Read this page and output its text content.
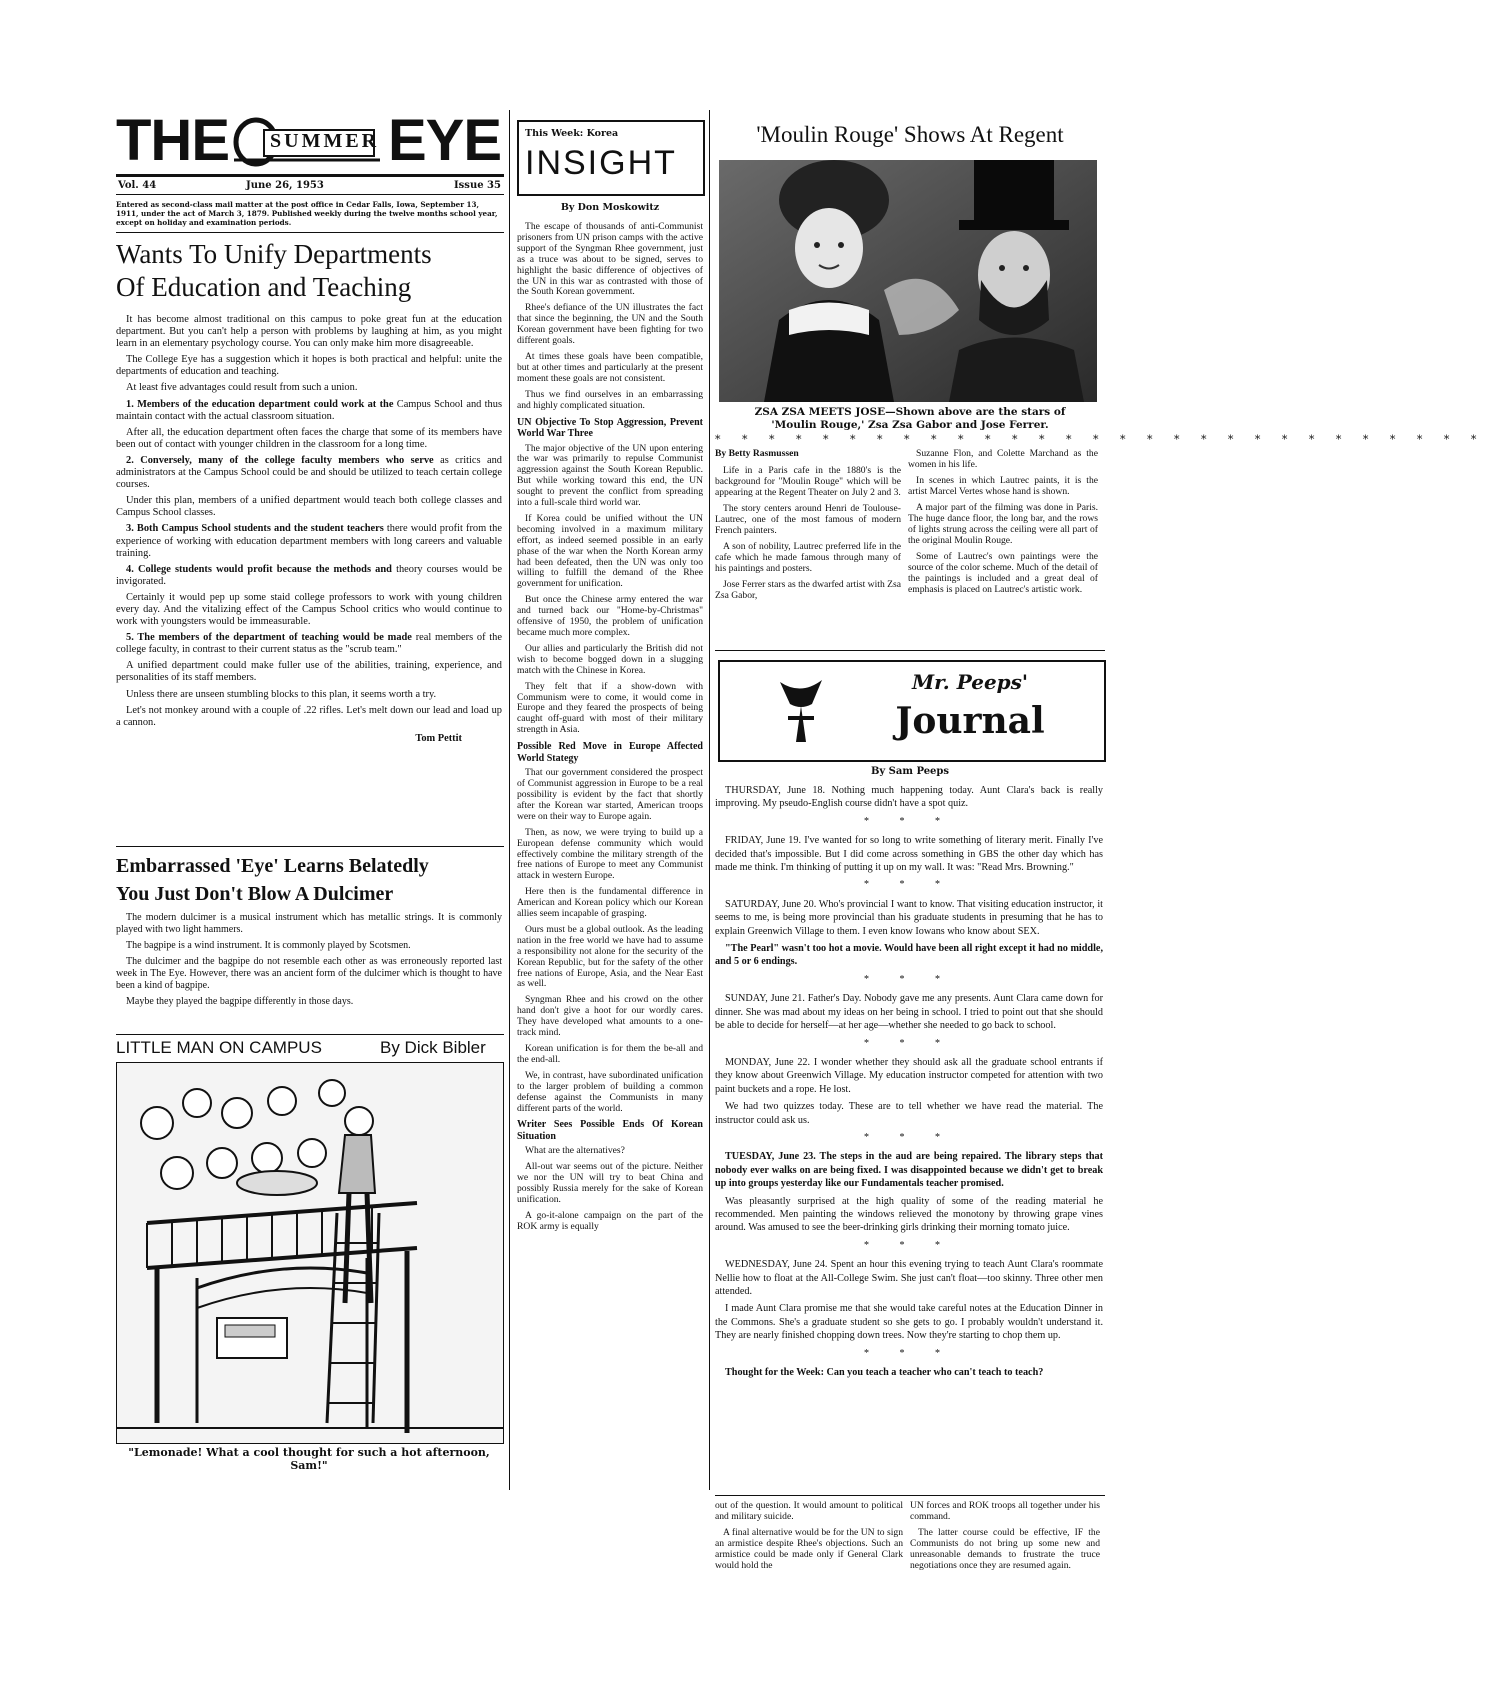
THE SUMMER EYE
Vol. 44	June 26, 1953	Issue 35
Entered as second-class mail matter at the post office in Cedar Falls, Iowa, September 13, 1911, under the act of March 3, 1879. Published weekly during the twelve months school year, except on holiday and examination periods.
Wants To Unify Departments
Of Education and Teaching

It has become almost traditional on this campus to poke great fun at the education department. But you can't help a person with problems by laughing at him, as you might learn in an elementary psychology course. You can only make him more disagreeable.

The College Eye has a suggestion which it hopes is both practical and helpful: unite the departments of education and teaching.

At least five advantages could result from such a union.

1. Members of the education department could work at the Campus School and thus maintain contact with the actual classroom situation.

After all, the education department often faces the charge that some of its members have been out of contact with younger children in the classroom for a long time.

2. Conversely, many of the college faculty members who serve as critics and administrators at the Campus School could be and should be utilized to teach certain college courses.

Under this plan, members of a unified department would teach both college classes and Campus School classes.

3. Both Campus School students and the student teachers there would profit from the experience of working with education department members with long careers and valuable training.

4. College students would profit because the methods and theory courses would be invigorated.

Certainly it would pep up some staid college professors to work with young children every day. And the vitalizing effect of the Campus School critics who would continue to work with youngsters would be immeasurable.

5. The members of the department of teaching would be made real members of the college faculty, in contrast to their current status as the "scrub team."

A unified department could make fuller use of the abilities, training, experience, and personalities of its staff members.

Unless there are unseen stumbling blocks to this plan, it seems worth a try.

Let's not monkey around with a couple of .22 rifles. Let's melt down our lead and load up a cannon.

Tom Pettit
Embarrassed 'Eye' Learns Belatedly
You Just Don't Blow A Dulcimer

The modern dulcimer is a musical instrument which has metallic strings. It is commonly played with two light hammers.

The bagpipe is a wind instrument. It is commonly played by Scotsmen.

The dulcimer and the bagpipe do not resemble each other as was erroneously reported last week in The Eye. However, there was an ancient form of the dulcimer which is thought to have been a kind of bagpipe.

Maybe they played the bagpipe differently in those days.

LITTLE MAN ON CAMPUS	By Dick Bibler
"Lemonade! What a cool thought for such a hot afternoon,
Sam!"
This Week: Korea
INSIGHT
By Don Moskowitz

The escape of thousands of anti-Communist prisoners from UN prison camps with the active support of the Syngman Rhee government, just as a truce was about to be signed, serves to highlight the basic difference of objectives of the UN in this war as contrasted with those of the South Korean government.

Rhee's defiance of the UN illustrates the fact that since the beginning, the UN and the South Korean government have been fighting for two different goals.

At times these goals have been compatible, but at other times and particularly at the present moment these goals are not consistent.

Thus we find ourselves in an embarrassing and highly complicated situation.

UN Objective To Stop Aggression, Prevent World War Three

The major objective of the UN upon entering the war was primarily to repulse Communist aggression against the South Korean Republic. But while working toward this end, the UN sought to prevent the conflict from spreading into a full-scale third world war.

If Korea could be unified without the UN becoming involved in a maximum military effort, as indeed seemed possible in an early phase of the war when the North Korean army had been defeated, then the UN was only too willing to fulfill the demand of the Rhee government for unification.

But once the Chinese army entered the war and turned back our "Home-by-Christmas" offensive of 1950, the problem of unification became much more complex.

Our allies and particularly the British did not wish to become bogged down in a slugging match with the Chinese in Korea.

They felt that if a show-down with Communism were to come, it would come in Europe and they feared the prospects of being caught off-guard with most of their military strength in Asia.

Possible Red Move in Europe Affected World Stategy

That our government considered the prospect of Communist aggression in Europe to be a real possibility is evident by the fact that shortly after the Korean war started, American troops were on their way to Europe again.

Then, as now, we were trying to build up a European defense community which would effectively combine the military strength of the free nations of Europe to meet any Communist attack in western Europe.

Here then is the fundamental difference in American and Korean policy which our Korean allies seem incapable of grasping.

Ours must be a global outlook. As the leading nation in the free world we have had to assume a responsibility not alone for the security of the Korean Republic, but for the safety of the other free nations of Europe, Asia, and the Near East as well.

Syngman Rhee and his crowd on the other hand don't give a hoot for our wordly cares. They have developed what amounts to a one-track mind.

Korean unification is for them the be-all and the end-all.

We, in contrast, have subordinated unification to the larger problem of building a common defense against the Communists in many different parts of the world.

Writer Sees Possible Ends Of Korean Situation

What are the alternatives?

All-out war seems out of the picture. Neither we nor the UN will try to beat China and possibly Russia merely for the sake of Korean unification.

A go-it-alone campaign on the part of the ROK army is equally

'Moulin Rouge' Shows At Regent
ZSA ZSA MEETS JOSE—Shown above are the stars of
'Moulin Rouge,' Zsa Zsa Gabor and Jose Ferrer.
* * * * * * * * * * * * * * * * * * * * * * * * * * * * *
By Betty Rasmussen

Life in a Paris cafe in the 1880's is the background for "Moulin Rouge" which will be appearing at the Regent Theater on July 2 and 3.

The story centers around Henri de Toulouse-Lautrec, one of the most famous of modern French painters.

A son of nobility, Lautrec preferred life in the cafe which he made famous through many of his paintings and posters.

Jose Ferrer stars as the dwarfed artist with Zsa Zsa Gabor,

Suzanne Flon, and Colette Marchand as the women in his life.

In scenes in which Lautrec paints, it is the artist Marcel Vertes whose hand is shown.

A major part of the filming was done in Paris. The huge dance floor, the long bar, and the rows of lights strung across the ceiling were all part of the original Moulin Rouge.

Some of Lautrec's own paintings were the source of the color scheme. Much of the detail of the paintings is included and a great deal of emphasis is placed on Lautrec's artistic work.

Mr. Peeps'
Journal
By Sam Peeps

THURSDAY, June 18. Nothing much happening today. Aunt Clara's back is really improving. My pseudo-English course didn't have a spot quiz.

* * *

FRIDAY, June 19. I've wanted for so long to write something of literary merit. Finally I've decided that's impossible. But I did come across something in GBS the other day which has made me think. I'm thinking of putting it up on my wall. It was: "Read Mrs. Browning."

* * *

SATURDAY, June 20. Who's provincial I want to know. That visiting education instructor, it seems to me, is being more provincial than his graduate students in presuming that he has to explain Greenwich Village to them. I even know Iowans who know about SEX.

"The Pearl" wasn't too hot a movie. Would have been all right except it had no middle, and 5 or 6 endings.

* * *

SUNDAY, June 21. Father's Day. Nobody gave me any presents. Aunt Clara came down for dinner. She was mad about my ideas on her being in school. I tried to point out that she should be able to decide for herself—at her age—whether she needed to go back to school.

* * *

MONDAY, June 22. I wonder whether they should ask all the graduate school entrants if they know about Greenwich Village. My education instructor competed for attention with two paint buckets and a rope. He lost.

We had two quizzes today. These are to tell whether we have read the material. The instructor could ask us.

* * *

TUESDAY, June 23. The steps in the aud are being repaired. The library steps that nobody ever walks on are being fixed. I was disappointed because we didn't get to break up into groups yesterday like our Fundamentals teacher promised.

Was pleasantly surprised at the high quality of some of the reading material he recommended. Men painting the windows relieved the monotony by throwing grape vines around. Was amused to see the beer-drinking girls drinking their morning tomato juice.

* * *

WEDNESDAY, June 24. Spent an hour this evening trying to teach Aunt Clara's roommate Nellie how to float at the All-College Swim. She just can't float—too skinny. Three other men attended.

I made Aunt Clara promise me that she would take careful notes at the Education Dinner in the Commons. She's a graduate student so she gets to go. I probably wouldn't understand it. They are nearly finished chopping down trees. Now they're starting to chop them up.

* * *

Thought for the Week: Can you teach a teacher who can't teach to teach?

out of the question. It would amount to political and military suicide.

A final alternative would be for the UN to sign an armistice despite Rhee's objections. Such an armistice could be made only if General Clark would hold the

UN forces and ROK troops all together under his command.

The latter course could be effective, IF the Communists do not bring up some new and unreasonable demands to frustrate the truce negotiations once they are resumed again.
